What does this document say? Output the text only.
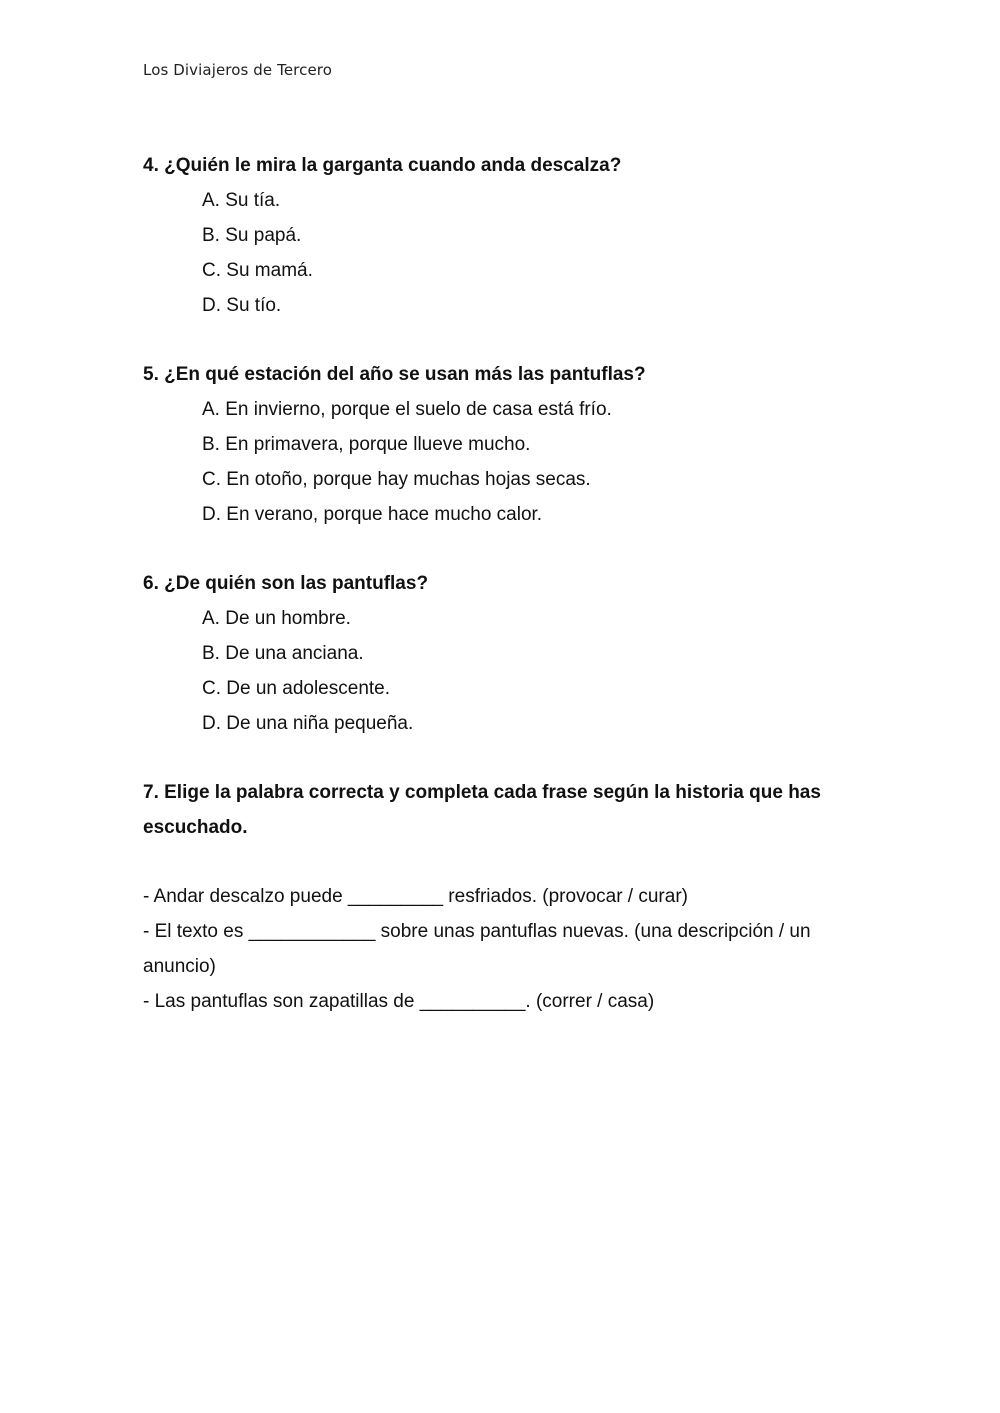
Los Diviajeros de Tercero
4. ¿Quién le mira la garganta cuando anda descalza?
A. Su tía.
B. Su papá.
C. Su mamá.
D. Su tío.
5. ¿En qué estación del año se usan más las pantuflas?
A. En invierno, porque el suelo de casa está frío.
B. En primavera, porque llueve mucho.
C. En otoño, porque hay muchas hojas secas.
D. En verano, porque hace mucho calor.
6. ¿De quién son las pantuflas?
A. De un hombre.
B. De una anciana.
C. De un adolescente.
D. De una niña pequeña.
7. Elige la palabra correcta y completa cada frase según la historia que has escuchado.
- Andar descalzo puede _________ resfriados. (provocar / curar)
- El texto es ____________ sobre unas pantuflas nuevas. (una descripción / un anuncio)
- Las pantuflas son zapatillas de __________. (correr / casa)
